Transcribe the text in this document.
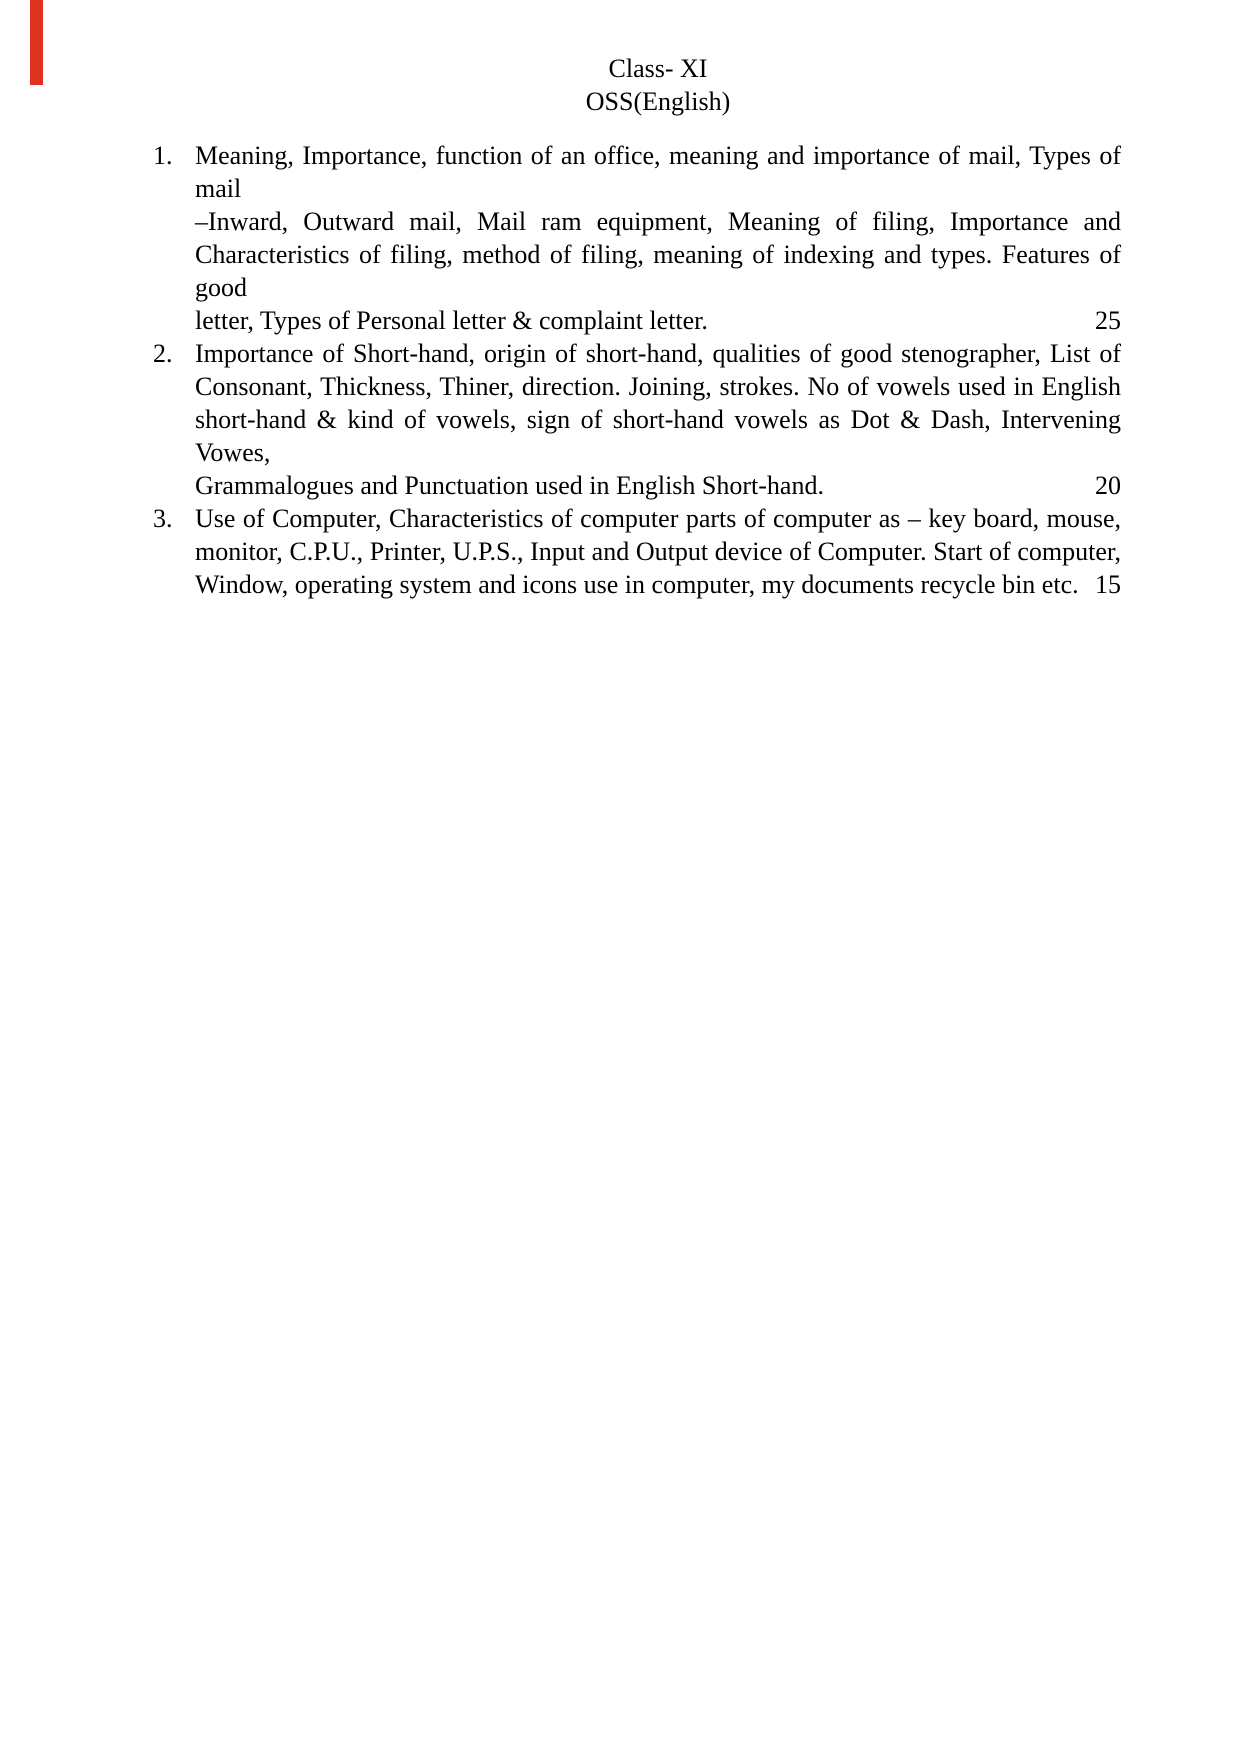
Class- XI
OSS(English)
1. Meaning, Importance, function of an office, meaning and importance of mail, Types of mail
–Inward, Outward mail, Mail ram equipment, Meaning of filing, Importance and
Characteristics of filing, method of filing, meaning of indexing and types. Features of good
letter, Types of Personal letter & complaint letter.	25
2. Importance of Short-hand, origin of short-hand, qualities of good stenographer, List of
Consonant, Thickness, Thiner, direction. Joining, strokes. No of vowels used in English
short-hand & kind of vowels, sign of short-hand vowels as Dot & Dash, Intervening Vowes,
Grammalogues and Punctuation used in English Short-hand.	20
3. Use of Computer, Characteristics of computer parts of computer as – key board, mouse,
monitor, C.P.U., Printer, U.P.S., Input and Output device of Computer. Start of computer,
Window, operating system and icons use in computer, my documents recycle bin etc. 15
